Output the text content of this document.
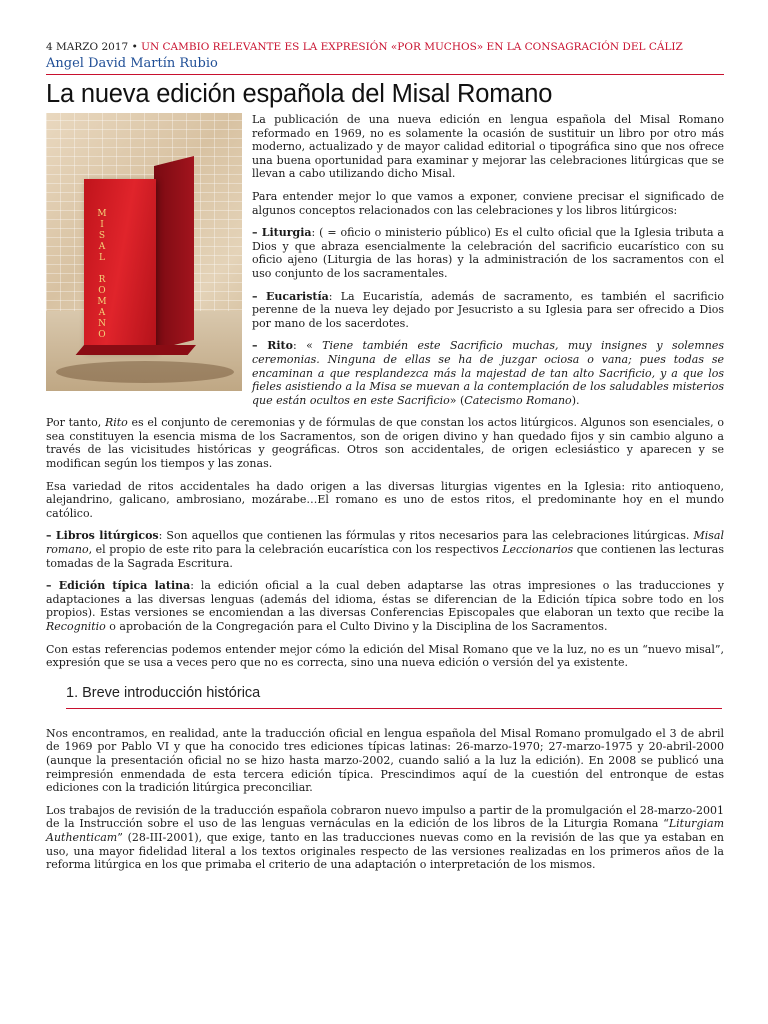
4 MARZO 2017 • UN CAMBIO RELEVANTE ES LA EXPRESIÓN «POR MUCHOS» EN LA CONSAGRACIÓN DEL CÁLIZ
Angel David Martín Rubio
La nueva edición española del Misal Romano
M
I
S
A
L

R
O
M
A
N
O

La publicación de una nueva edición en lengua española del Misal Romano reformado en 1969, no es solamente la ocasión de sustituir un libro por otro más moderno, actualizado y de mayor calidad editorial o tipográfica sino que nos ofrece una buena oportunidad para examinar y mejorar las celebraciones litúrgicas que se llevan a cabo utilizando dicho Misal.

Para entender mejor lo que vamos a exponer, conviene precisar el significado de algunos conceptos relacionados con las celebraciones y los libros litúrgicos:

– Liturgia: ( = oficio o ministerio público) Es el culto oficial que la Iglesia tributa a Dios y que abraza esencialmente la celebración del sacrificio eucarístico con su oficio ajeno (Liturgia de las horas) y la administración de los sacramentos con el uso conjunto de los sacramentales.

– Eucaristía: La Eucaristía, además de sacramento, es también el sacrificio perenne de la nueva ley dejado por Jesucristo a su Iglesia para ser ofrecido a Dios por mano de los sacerdotes.

– Rito: « Tiene también este Sacrificio muchas, muy insignes y solemnes ceremonias. Ninguna de ellas se ha de juzgar ociosa o vana; pues todas se encaminan a que resplandezca más la majestad de tan alto Sacrificio, y a que los fieles asistiendo a la Misa se muevan a la contemplación de los saludables misterios que están ocultos en este Sacrificio» (Catecismo Romano).

Por tanto, Rito es el conjunto de ceremonias y de fórmulas de que constan los actos litúrgicos. Algunos son esenciales, o sea constituyen la esencia misma de los Sacramentos, son de origen divino y han quedado fijos y sin cambio alguno a través de las vicisitudes históricas y geográficas. Otros son accidentales, de origen eclesiástico y aparecen y se modifican según los tiempos y las zonas.

Esa variedad de ritos accidentales ha dado origen a las diversas liturgias vigentes en la Iglesia: rito antioqueno, alejandrino, galicano, ambrosiano, mozárabe…El romano es uno de estos ritos, el predominante hoy en el mundo católico.

– Libros litúrgicos: Son aquellos que contienen las fórmulas y ritos necesarios para las celebraciones litúrgicas. Misal romano, el propio de este rito para la celebración eucarística con los respectivos Leccionarios que contienen las lecturas tomadas de la Sagrada Escritura.

– Edición típica latina: la edición oficial a la cual deben adaptarse las otras impresiones o las traducciones y adaptaciones a las diversas lenguas (además del idioma, éstas se diferencian de la Edición típica sobre todo en los propios). Estas versiones se encomiendan a las diversas Conferencias Episcopales que elaboran un texto que recibe la Recognitio o aprobación de la Congregación para el Culto Divino y la Disciplina de los Sacramentos.

Con estas referencias podemos entender mejor cómo la edición del Misal Romano que ve la luz, no es un “nuevo misal”, expresión que se usa a veces pero que no es correcta, sino una nueva edición o versión del ya existente.

1. Breve introducción histórica

Nos encontramos, en realidad, ante la traducción oficial en lengua española del Misal Romano promulgado el 3 de abril de 1969 por Pablo VI y que ha conocido tres ediciones típicas latinas: 26-marzo-1970; 27-marzo-1975 y 20-abril-2000 (aunque la presentación oficial no se hizo hasta marzo-2002, cuando salió a la luz la edición). En 2008 se publicó una reimpresión enmendada de esta tercera edición típica. Prescindimos aquí de la cuestión del entronque de estas ediciones con la tradición litúrgica preconciliar.

Los trabajos de revisión de la traducción española cobraron nuevo impulso a partir de la promulgación el 28-marzo-2001 de la Instrucción sobre el uso de las lenguas vernáculas en la edición de los libros de la Liturgia Romana “Liturgiam Authenticam” (28-III-2001), que exige, tanto en las traducciones nuevas como en la revisión de las que ya estaban en uso, una mayor fidelidad literal a los textos originales respecto de las versiones realizadas en los primeros años de la reforma litúrgica en los que primaba el criterio de una adaptación o interpretación de los mismos.
